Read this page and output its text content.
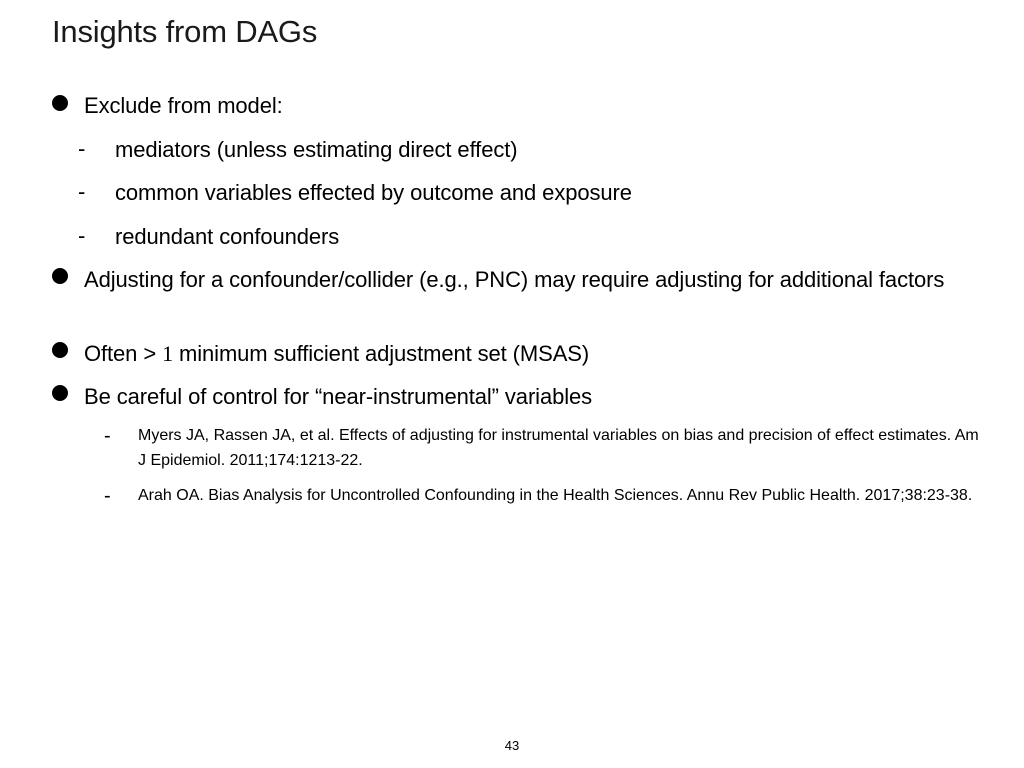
Insights from DAGs
Exclude from model:
- mediators (unless estimating direct effect)
- common variables effected by outcome and exposure
- redundant confounders
Adjusting for a confounder/collider (e.g., PNC) may require adjusting for additional factors
Often > 1 minimum sufficient adjustment set (MSAS)
Be careful of control for “near-instrumental” variables
- Myers JA, Rassen JA, et al. Effects of adjusting for instrumental variables on bias and precision of effect estimates. Am J Epidemiol. 2011;174:1213-22.
- Arah OA. Bias Analysis for Uncontrolled Confounding in the Health Sciences. Annu Rev Public Health. 2017;38:23-38.
43
